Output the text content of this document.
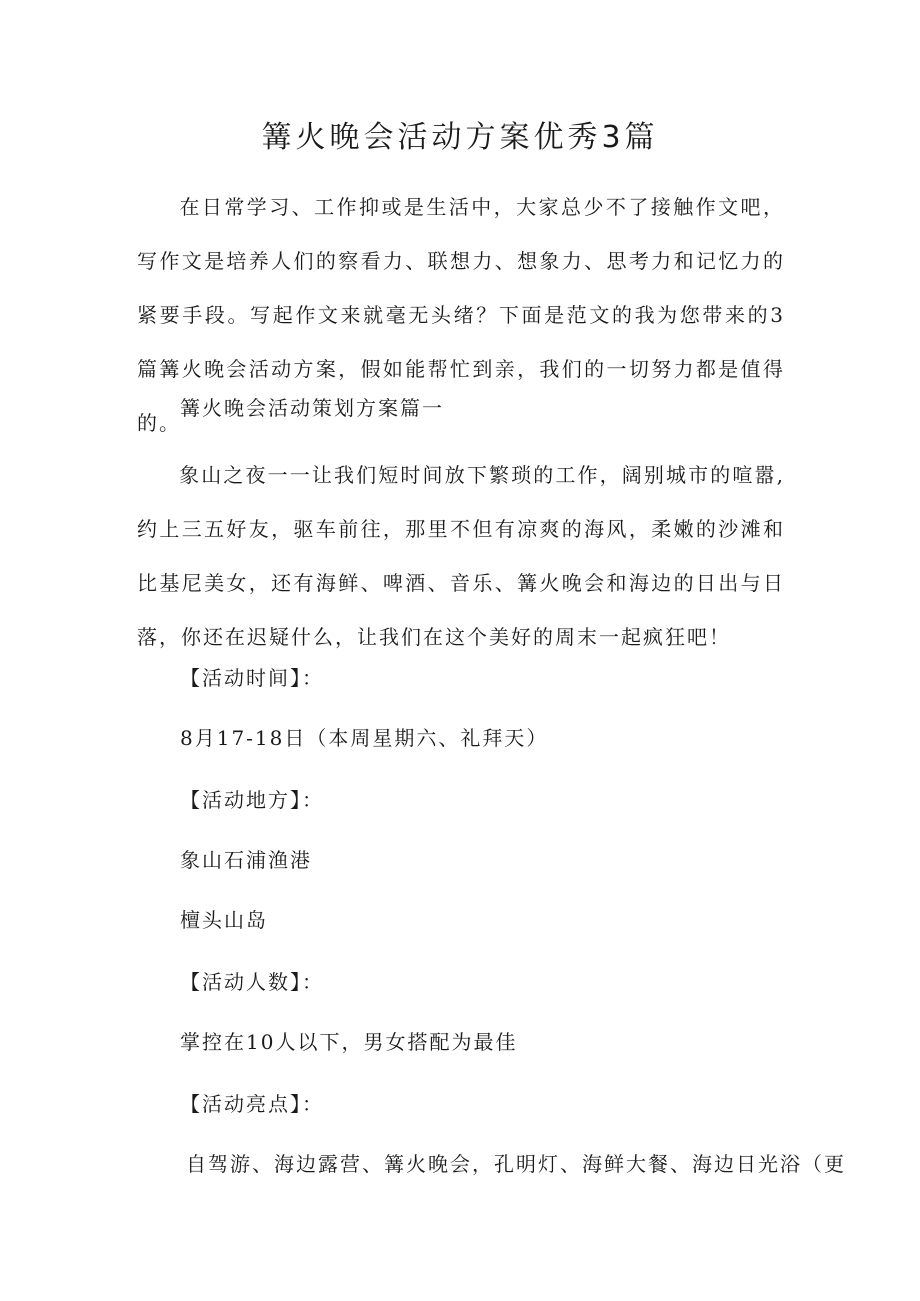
篝火晚会活动方案优秀3篇

在日常学习、工作抑或是生活中，大家总少不了接触作文吧，写作文是培养人们的察看力、联想力、想象力、思考力和记忆力的紧要手段。写起作文来就毫无头绪？下面是范文的我为您带来的3篇篝火晚会活动方案，假如能帮忙到亲，我们的一切努力都是值得的。

篝火晚会活动策划方案篇一

象山之夜一一让我们短时间放下繁琐的工作，阔别城市的喧嚣,约上三五好友，驱车前往，那里不但有凉爽的海风，柔嫩的沙滩和比基尼美女，还有海鲜、啤酒、音乐、篝火晚会和海边的日出与日落，你还在迟疑什么，让我们在这个美好的周末一起疯狂吧！

【活动时间】：

8月17-18日（本周星期六、礼拜天）

【活动地方】：

象山石浦渔港

檀头山岛

【活动人数】：

掌控在10人以下，男女搭配为最佳

【活动亮点】：

自驾游、海边露营、篝火晚会，孔明灯、海鲜大餐、海边日光浴（更
